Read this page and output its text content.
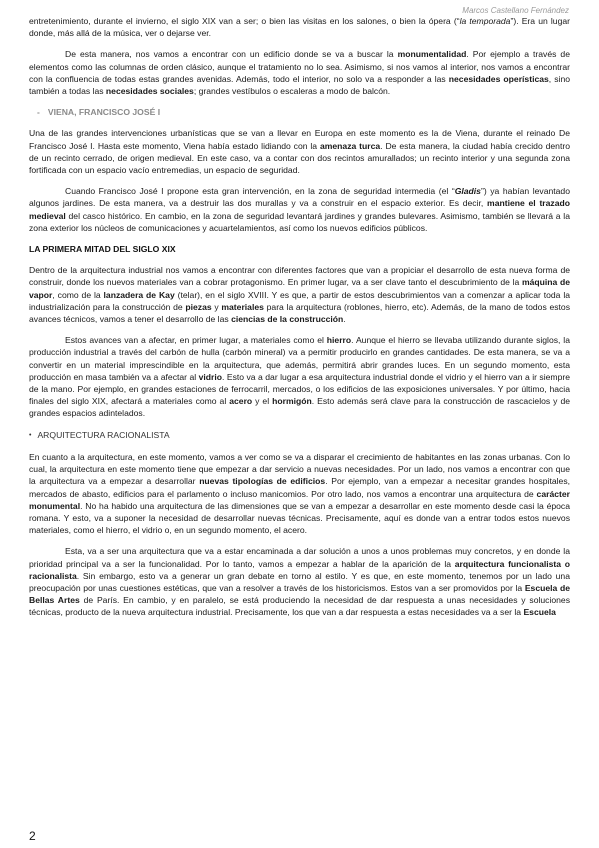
Marcos Castellano Fernández

entretenimiento, durante el invierno, el siglo XIX van a ser; o bien las visitas en los salones, o bien la ópera (“la temporada”). Era un lugar donde, más allá de la música, ver o dejarse ver.

De esta manera, nos vamos a encontrar con un edificio donde se va a buscar la monumentalidad. Por ejemplo a través de elementos como las columnas de orden clásico, aunque el tratamiento no lo sea. Asimismo, si nos vamos al interior, nos vamos a encontrar con la confluencia de todas estas grandes avenidas. Además, todo el interior, no solo va a responder a las necesidades operísticas, sino también a todas las necesidades sociales; grandes vestíbulos o escaleras a modo de balcón.

- VIENA, FRANCISCO JOSÉ I

Una de las grandes intervenciones urbanísticas que se van a llevar en Europa en este momento es la de Viena, durante el reinado De Francisco José I. Hasta este momento, Viena había estado lidiando con la amenaza turca. De esta manera, la ciudad había crecido dentro de un recinto cerrado, de origen medieval. En este caso, va a contar con dos recintos amurallados; un recinto interior y una segunda zona fortificada con un espacio vacío entremedias, un espacio de seguridad.

Cuando Francisco José I propone esta gran intervención, en la zona de seguridad intermedia (el “Gladis”) ya habían levantado algunos jardines. De esta manera, va a destruir las dos murallas y va a construir en el espacio exterior. Es decir, mantiene el trazado medieval del casco histórico. En cambio, en la zona de seguridad levantará jardines y grandes bulevares. Asimismo, también se llevará a la zona exterior los núcleos de comunicaciones y acuartelamientos, así como los nuevos edificios públicos.

LA PRIMERA MITAD DEL SIGLO XIX

Dentro de la arquitectura industrial nos vamos a encontrar con diferentes factores que van a propiciar el desarrollo de esta nueva forma de construir, donde los nuevos materiales van a cobrar protagonismo. En primer lugar, va a ser clave tanto el descubrimiento de la máquina de vapor, como de la lanzadera de Kay (telar), en el siglo XVIII. Y es que, a partir de estos descubrimientos van a comenzar a aplicar toda la industrialización para la construcción de piezas y materiales para la arquitectura (roblones, hierro, etc). Además, de la mano de todos estos avances técnicos, vamos a tener el desarrollo de las ciencias de la construcción.

Estos avances van a afectar, en primer lugar, a materiales como el hierro. Aunque el hierro se llevaba utilizando durante siglos, la producción industrial a través del carbón de hulla (carbón mineral) va a permitir producirlo en grandes cantidades. De esta manera, se va a convertir en un material imprescindible en la arquitectura, que además, permitirá abrir grandes luces. En un segundo momento, esta producción en masa también va a afectar al vidrio. Esto va a dar lugar a esa arquitectura industrial donde el vidrio y el hierro van a ir siempre de la mano. Por ejemplo, en grandes estaciones de ferrocarril, mercados, o los edificios de las exposiciones universales. Y por último, hacia finales del siglo XIX, afectará a materiales como al acero y el hormigón. Esto además será clave para la construcción de rascacielos y de grandes espacios adintelados.

• ARQUITECTURA RACIONALISTA

En cuanto a la arquitectura, en este momento, vamos a ver como se va a disparar el crecimiento de habitantes en las zonas urbanas. Con lo cual, la arquitectura en este momento tiene que empezar a dar servicio a nuevas necesidades. Por un lado, nos vamos a encontrar con que la arquitectura va a empezar a desarrollar nuevas tipologías de edificios. Por ejemplo, van a empezar a necesitar grandes hospitales, mercados de abasto, edificios para el parlamento o incluso manicomios. Por otro lado, nos vamos a encontrar una arquitectura de carácter monumental. No ha habido una arquitectura de las dimensiones que se van a empezar a desarrollar en este momento desde casi la época romana. Y esto, va a suponer la necesidad de desarrollar nuevas técnicas. Precisamente, aquí es donde van a entrar todos estos nuevos materiales, como el hierro, el vidrio o, en un segundo momento, el acero.

Esta, va a ser una arquitectura que va a estar encaminada a dar solución a unos a unos problemas muy concretos, y en donde la prioridad principal va a ser la funcionalidad. Por lo tanto, vamos a empezar a hablar de la aparición de la arquitectura funcionalista o racionalista. Sin embargo, esto va a generar un gran debate en torno al estilo. Y es que, en este momento, tenemos por un lado una preocupación por unas cuestiones estéticas, que van a resolver a través de los historicismos. Estos van a ser promovidos por la Escuela de Bellas Artes de París. En cambio, y en paralelo, se está produciendo la necesidad de dar respuesta a unas necesidades y soluciones técnicas, producto de la nueva arquitectura industrial. Precisamente, los que van a dar respuesta a estas necesidades va a ser la Escuela

2
